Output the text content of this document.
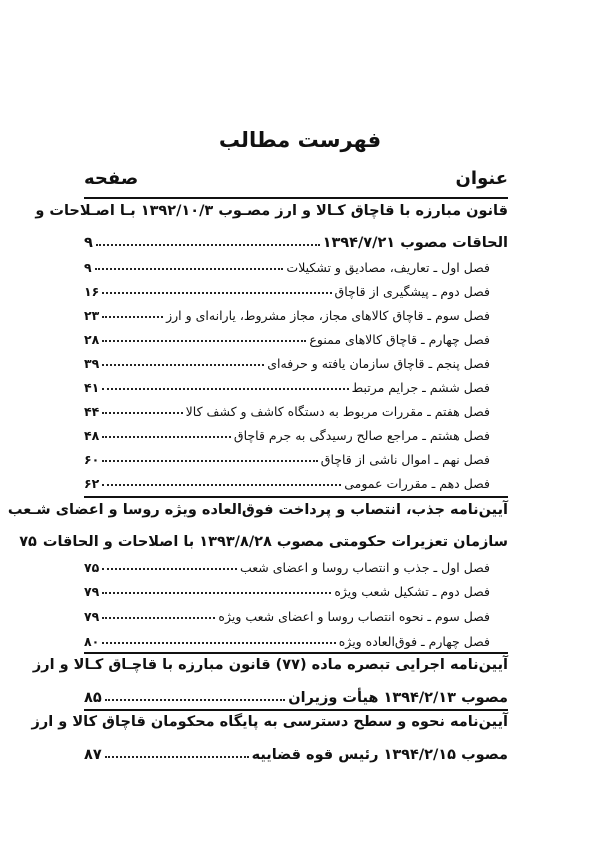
فهرست مطالب
عنوان
صفحه
قانون مبارزه با قاچاق کـالا و ارز مصـوب ۱۳۹۲/۱۰/۳ بـا اصـلاحات و
الحاقات مصوب ۱۳۹۴/۷/۲۱
۹
فصل اول ـ تعاریف، مصادیق و تشکیلات
۹
فصل دوم ـ پیشگیری از قاچاق
۱۶
فصل سوم ـ قاچاق کالاهای مجاز، مجاز مشروط، یارانه‌ای و ارز
۲۳
فصل چهارم ـ قاچاق کالاهای ممنوع
۲۸
فصل پنجم ـ قاچاق سازمان یافته و حرفه‌ای
۳۹
فصل ششم ـ جرایم مرتبط
۴۱
فصل هفتم ـ مقررات مربوط به دستگاه کاشف و کشف کالا
۴۴
فصل هشتم ـ مراجع صالح رسیدگی به جرم قاچاق
۴۸
فصل نهم ـ اموال ناشی از قاچاق
۶۰
فصل دهم ـ مقررات عمومی
۶۲
آیین‌نامه جذب، انتصاب و پرداخت فوق‌العاده ویژه روسا و اعضای شـعب
سازمان تعزیرات حکومتی مصوب ۱۳۹۳/۸/۲۸ با اصلاحات و الحاقات
۷۵
فصل اول ـ جذب و انتصاب روسا و اعضای شعب
۷۵
فصل دوم ـ تشکیل شعب ویژه
۷۹
فصل سوم ـ نحوه انتصاب روسا و اعضای شعب ویژه
۷۹
فصل چهارم ـ فوق‌العاده ویژه
۸۰
آیین‌نامه اجرایی تبصره ماده (۷۷) قانون مبارزه با قاچـاق کـالا و ارز
مصوب ۱۳۹۴/۲/۱۳ هیأت وزیران
۸۵
آیین‌نامه نحوه و سطح دسترسی به پایگاه محکومان قاچاق کالا و ارز
مصوب ۱۳۹۴/۲/۱۵ رئیس قوه قضاییه
۸۷
